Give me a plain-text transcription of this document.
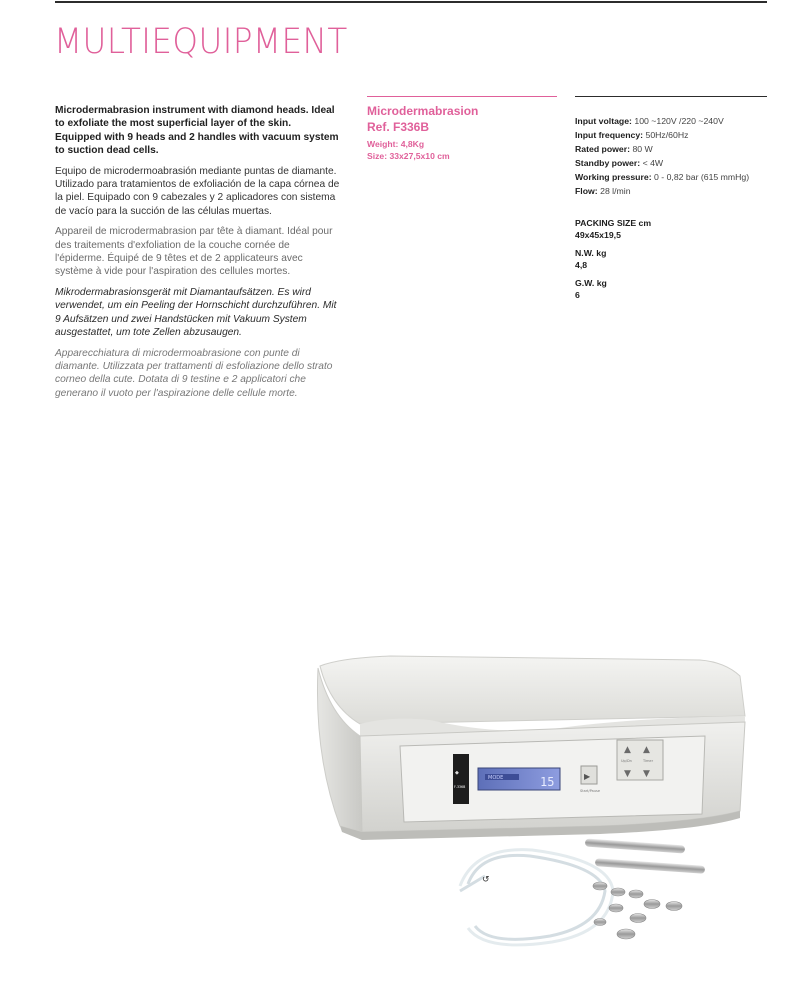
MULTIEQUIPMENT

Microdermabrasion instrument with diamond heads. Ideal to exfoliate the most superficial layer of the skin. Equipped with 9 heads and 2 handles with vacuum system to suction dead cells.

Equipo de microdermoabrasión mediante puntas de diamante. Utilizado para tratamientos de exfoliación de la capa córnea de la piel. Equipado con 9 cabezales y 2 aplicadores con sistema de vacío para la succión de las células muertas.

Appareil de microdermabrasion par tête à diamant. Idéal pour des traitements d'exfoliation de la couche cornée de l'épiderme. Équipé de 9 têtes et de 2 applicateurs avec système à vide pour l'aspiration des cellules mortes.

Mikrodermabrasionsgerät mit Diamantaufsätzen. Es wird verwendet, um ein Peeling der Hornschicht durchzuführen. Mit 9 Aufsätzen und zwei Handstücken mit Vakuum System ausgestattet, um tote Zellen abzusaugen.

Apparecchiatura di microdermoabrasione con punte di diamante. Utilizzata per trattamenti di esfoliazione dello strato corneo della cute. Dotata di 9 testine e 2 applicatori che generano il vuoto per l'aspirazione delle cellule morte.

Microdermabrasion

Ref. F336B

Weight: 4,8Kg

Size: 33x27,5x10 cm

Input voltage: 100 ~120V /220 ~240V
Input frequency: 50Hz/60Hz
Rated power: 80 W
Standby power: < 4W
Working pressure: 0 - 0,82 bar (615 mmHg)
Flow: 28 l/min
PACKING SIZE cm
49x45x19,5
N.W. kg
4,8
G.W. kg
6
◆
F-336B
MODE	15	▶
Start/Pause
▲ ▲
Up/Dn	Timer
▼ ▼
↺
